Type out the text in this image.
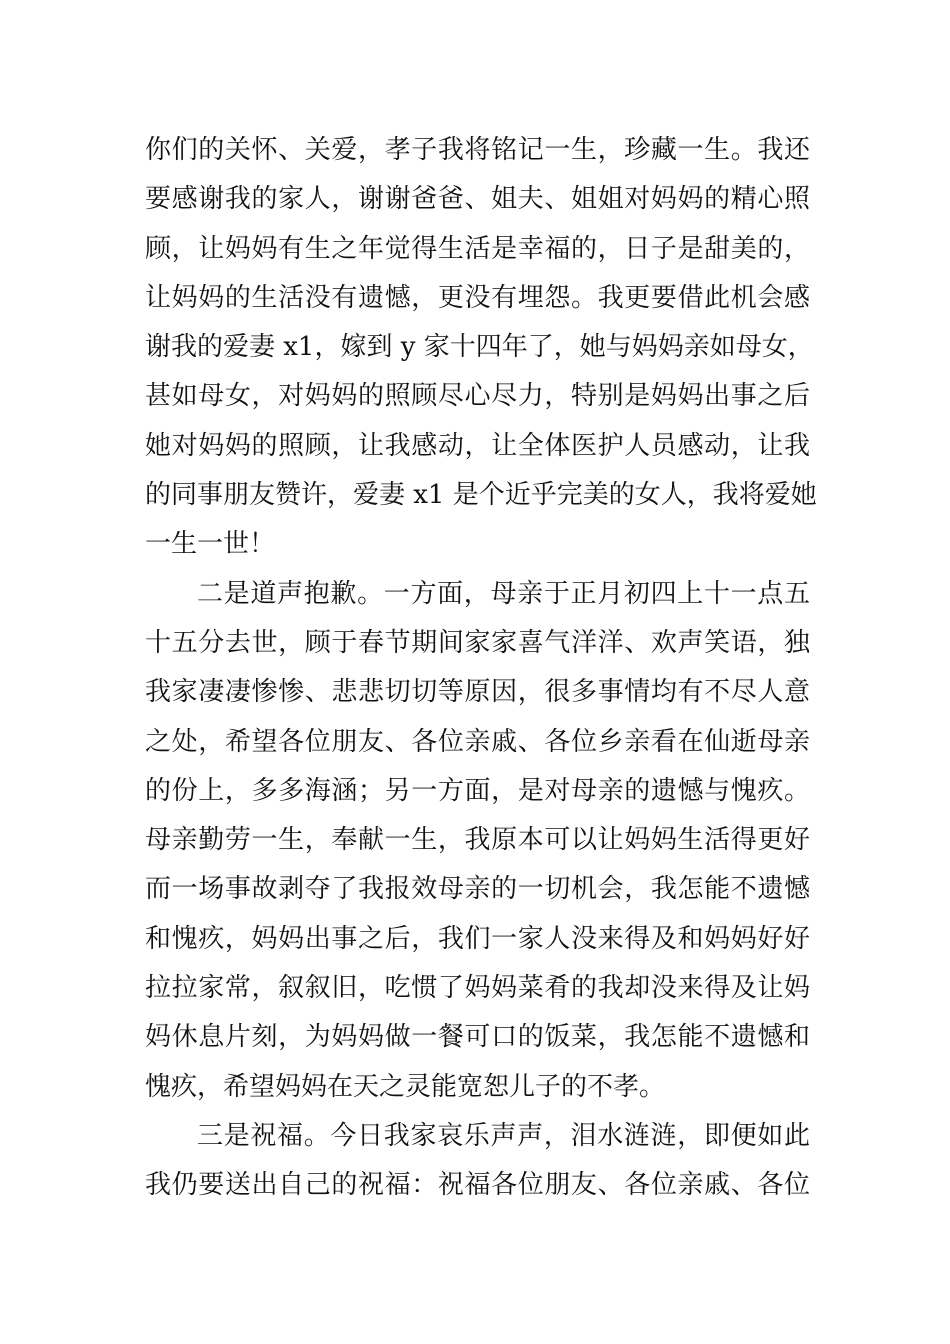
你们的关怀、关爱，孝子我将铭记一生，珍藏一生。我还
要感谢我的家人，谢谢爸爸、姐夫、姐姐对妈妈的精心照
顾，让妈妈有生之年觉得生活是幸福的，日子是甜美的，
让妈妈的生活没有遗憾，更没有埋怨。我更要借此机会感
谢我的爱妻 x1，嫁到 y 家十四年了，她与妈妈亲如母女，
甚如母女，对妈妈的照顾尽心尽力，特别是妈妈出事之后
她对妈妈的照顾，让我感动，让全体医护人员感动，让我
的同事朋友赞许，爱妻 x1 是个近乎完美的女人，我将爱她
一生一世！
二是道声抱歉。一方面，母亲于正月初四上十一点五
十五分去世，顾于春节期间家家喜气洋洋、欢声笑语，独
我家凄凄惨惨、悲悲切切等原因，很多事情均有不尽人意
之处，希望各位朋友、各位亲戚、各位乡亲看在仙逝母亲
的份上，多多海涵；另一方面，是对母亲的遗憾与愧疚。
母亲勤劳一生，奉献一生，我原本可以让妈妈生活得更好
而一场事故剥夺了我报效母亲的一切机会，我怎能不遗憾
和愧疚，妈妈出事之后，我们一家人没来得及和妈妈好好
拉拉家常，叙叙旧，吃惯了妈妈菜肴的我却没来得及让妈
妈休息片刻，为妈妈做一餐可口的饭菜，我怎能不遗憾和
愧疚，希望妈妈在天之灵能宽恕儿子的不孝。
三是祝福。今日我家哀乐声声，泪水涟涟，即便如此
我仍要送出自己的祝福：祝福各位朋友、各位亲戚、各位
